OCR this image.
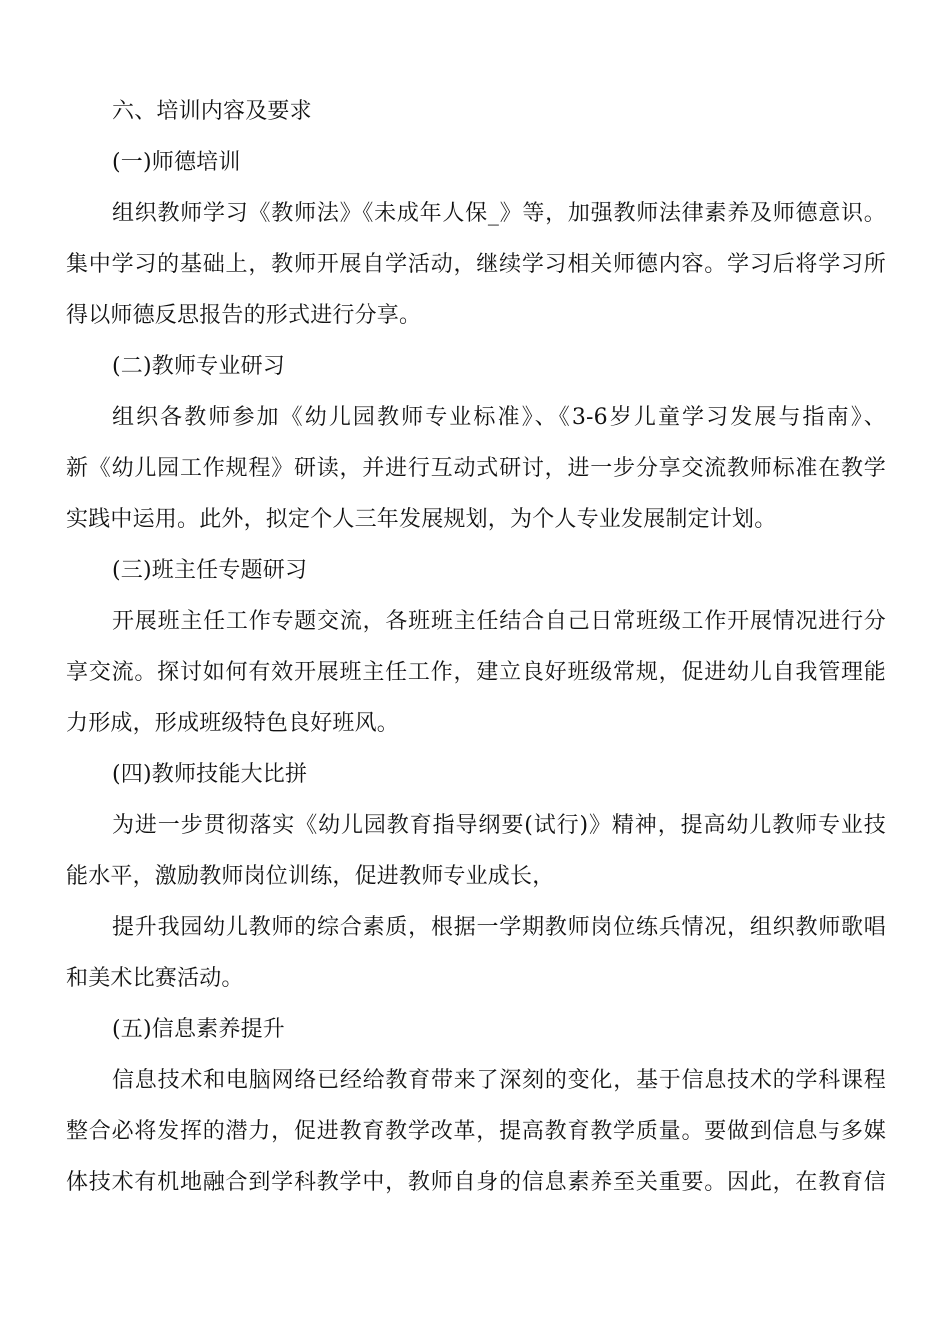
六、培训内容及要求
(一)师德培训
组织教师学习《教师法》《未成年人保_》等，加强教师法律素养及师德意识。
集中学习的基础上，教师开展自学活动，继续学习相关师德内容。学习后将学习所
得以师德反思报告的形式进行分享。
(二)教师专业研习
组织各教师参加《幼儿园教师专业标准》、《3-6岁儿童学习发展与指南》、
新《幼儿园工作规程》研读，并进行互动式研讨，进一步分享交流教师标准在教学
实践中运用。此外，拟定个人三年发展规划，为个人专业发展制定计划。
(三)班主任专题研习
开展班主任工作专题交流，各班班主任结合自己日常班级工作开展情况进行分
享交流。探讨如何有效开展班主任工作，建立良好班级常规，促进幼儿自我管理能
力形成，形成班级特色良好班风。
(四)教师技能大比拼
为进一步贯彻落实《幼儿园教育指导纲要(试行)》精神，提高幼儿教师专业技
能水平，激励教师岗位训练，促进教师专业成长，
提升我园幼儿教师的综合素质，根据一学期教师岗位练兵情况，组织教师歌唱
和美术比赛活动。
(五)信息素养提升
信息技术和电脑网络已经给教育带来了深刻的变化，基于信息技术的学科课程
整合必将发挥的潜力，促进教育教学改革，提高教育教学质量。要做到信息与多媒
体技术有机地融合到学科教学中，教师自身的信息素养至关重要。因此，在教育信
